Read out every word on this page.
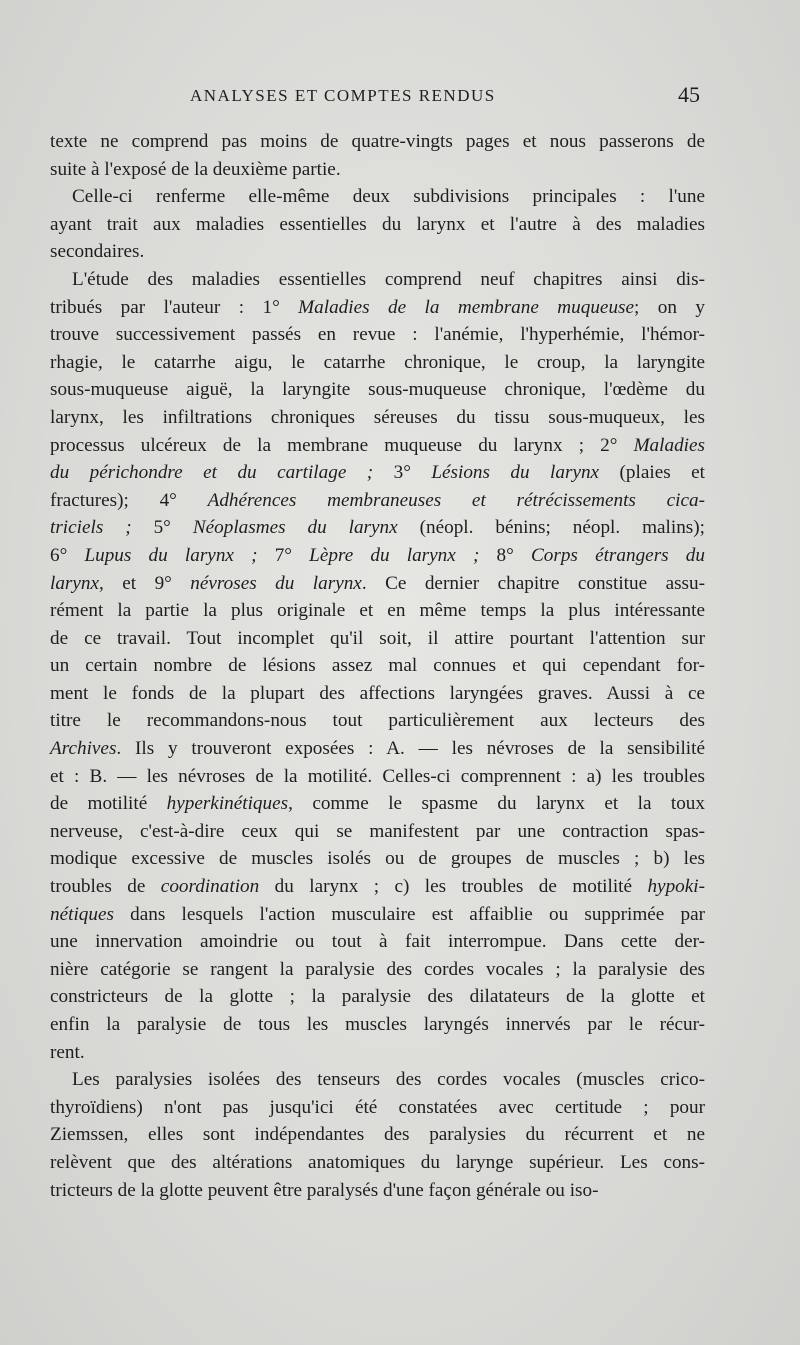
ANALYSES ET COMPTES RENDUS	45
texte ne comprend pas moins de quatre-vingts pages et nous passerons de
suite à l'exposé de la deuxième partie.
Celle-ci renferme elle-même deux subdivisions principales : l'une
ayant trait aux maladies essentielles du larynx et l'autre à des maladies
secondaires.
L'étude des maladies essentielles comprend neuf chapitres ainsi dis-
tribués par l'auteur : 1° Maladies de la membrane muqueuse; on y
trouve successivement passés en revue : l'anémie, l'hyperhémie, l'hémor-
rhagie, le catarrhe aigu, le catarrhe chronique, le croup, la laryngite
sous-muqueuse aiguë, la laryngite sous-muqueuse chronique, l'œdème du
larynx, les infiltrations chroniques séreuses du tissu sous-muqueux, les
processus ulcéreux de la membrane muqueuse du larynx ; 2° Maladies
du périchondre et du cartilage ; 3° Lésions du larynx (plaies et
fractures); 4° Adhérences membraneuses et rétrécissements cica-
triciels ; 5° Néoplasmes du larynx (néopl. bénins; néopl. malins);
6° Lupus du larynx ; 7° Lèpre du larynx ; 8° Corps étrangers du
larynx, et 9° névroses du larynx. Ce dernier chapitre constitue assu-
rément la partie la plus originale et en même temps la plus intéressante
de ce travail. Tout incomplet qu'il soit, il attire pourtant l'attention sur
un certain nombre de lésions assez mal connues et qui cependant for-
ment le fonds de la plupart des affections laryngées graves. Aussi à ce
titre le recommandons-nous tout particulièrement aux lecteurs des
Archives. Ils y trouveront exposées : A. — les névroses de la sensibilité
et : B. — les névroses de la motilité. Celles-ci comprennent : a) les troubles
de motilité hyperkinétiques, comme le spasme du larynx et la toux
nerveuse, c'est-à-dire ceux qui se manifestent par une contraction spas-
modique excessive de muscles isolés ou de groupes de muscles ; b) les
troubles de coordination du larynx ; c) les troubles de motilité hypoki-
nétiques dans lesquels l'action musculaire est affaiblie ou supprimée par
une innervation amoindrie ou tout à fait interrompue. Dans cette der-
nière catégorie se rangent la paralysie des cordes vocales ; la paralysie des
constricteurs de la glotte ; la paralysie des dilatateurs de la glotte et
enfin la paralysie de tous les muscles laryngés innervés par le récur-
rent.
Les paralysies isolées des tenseurs des cordes vocales (muscles crico-
thyroïdiens) n'ont pas jusqu'ici été constatées avec certitude ; pour
Ziemssen, elles sont indépendantes des paralysies du récurrent et ne
relèvent que des altérations anatomiques du larynge supérieur. Les cons-
tricteurs de la glotte peuvent être paralysés d'une façon générale ou iso-
